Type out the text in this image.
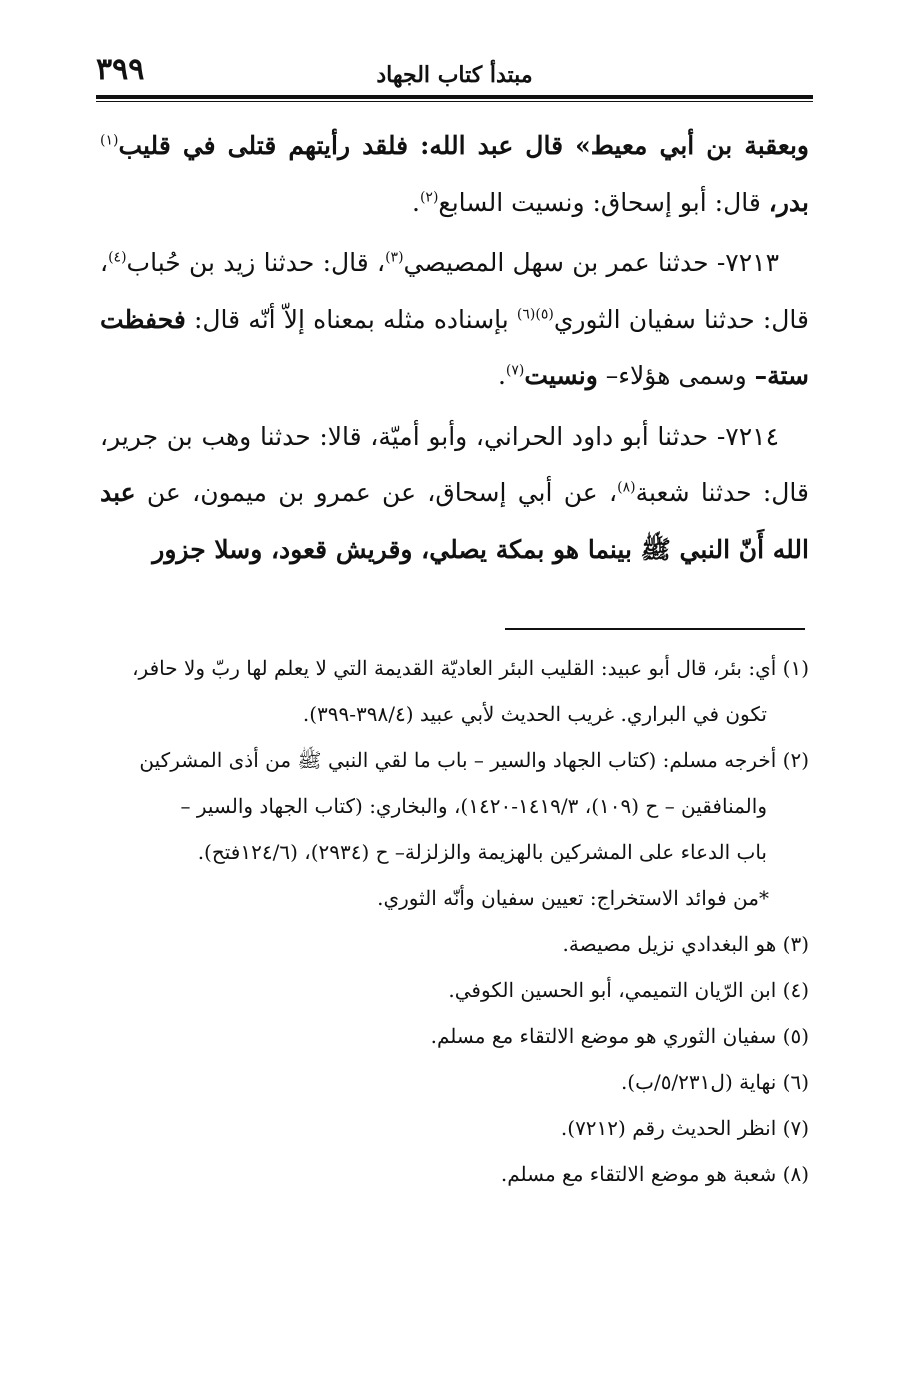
٣٩٩	مبتدأ كتاب الجهاد

وبعقبة بن أبي معيط» قال عبد الله: فلقد رأيتهم قتلى في قليب$^{(١)}$ بدر، قال: أبو إسحاق: ونسيت السابع$^{(٢)}$.

٧٢١٣- حدثنا عمر بن سهل المصيصي$^{(٣)}$، قال: حدثنا زيد بن حُباب$^{(٤)}$، قال: حدثنا سفيان الثوري$^{(٥)(٦)}$ بإسناده مثله بمعناه إلاّ أنّه قال: فحفظت ستة– وسمى هؤلاء– ونسيت$^{(٧)}$.

٧٢١٤- حدثنا أبو داود الحراني، وأبو أميّة، قالا: حدثنا وهب بن جرير، قال: حدثنا شعبة$^{(٨)}$، عن أبي إسحاق، عن عمرو بن ميمون، عن عبد الله أَنّ النبي ﷺ بينما هو بمكة يصلي، وقريش قعود، وسلا جزور

(١) أي: بئر، قال أبو عبيد: القليب البئر العاديّة القديمة التي لا يعلم لها ربّ ولا حافر،

تكون في البراري. غريب الحديث لأبي عبيد (٣٩٨/٤-٣٩٩).

(٢) أخرجه مسلم: (كتاب الجهاد والسير – باب ما لقي النبي ﷺ من أذى المشركين

والمنافقين – ح (١٠٩)، ١٤١٩/٣-١٤٢٠)، والبخاري: (كتاب الجهاد والسير –

باب الدعاء على المشركين بالهزيمة والزلزلة– ح (٢٩٣٤)، (١٢٤/٦فتح).

*من فوائد الاستخراج: تعيين سفيان وأنّه الثوري.

(٣) هو البغدادي نزيل مصيصة.

(٤) ابن الرّيان التميمي، أبو الحسين الكوفي.

(٥) سفيان الثوري هو موضع الالتقاء مع مسلم.

(٦) نهاية (ل٥/٢٣١/ب).

(٧) انظر الحديث رقم (٧٢١٢).

(٨) شعبة هو موضع الالتقاء مع مسلم.
